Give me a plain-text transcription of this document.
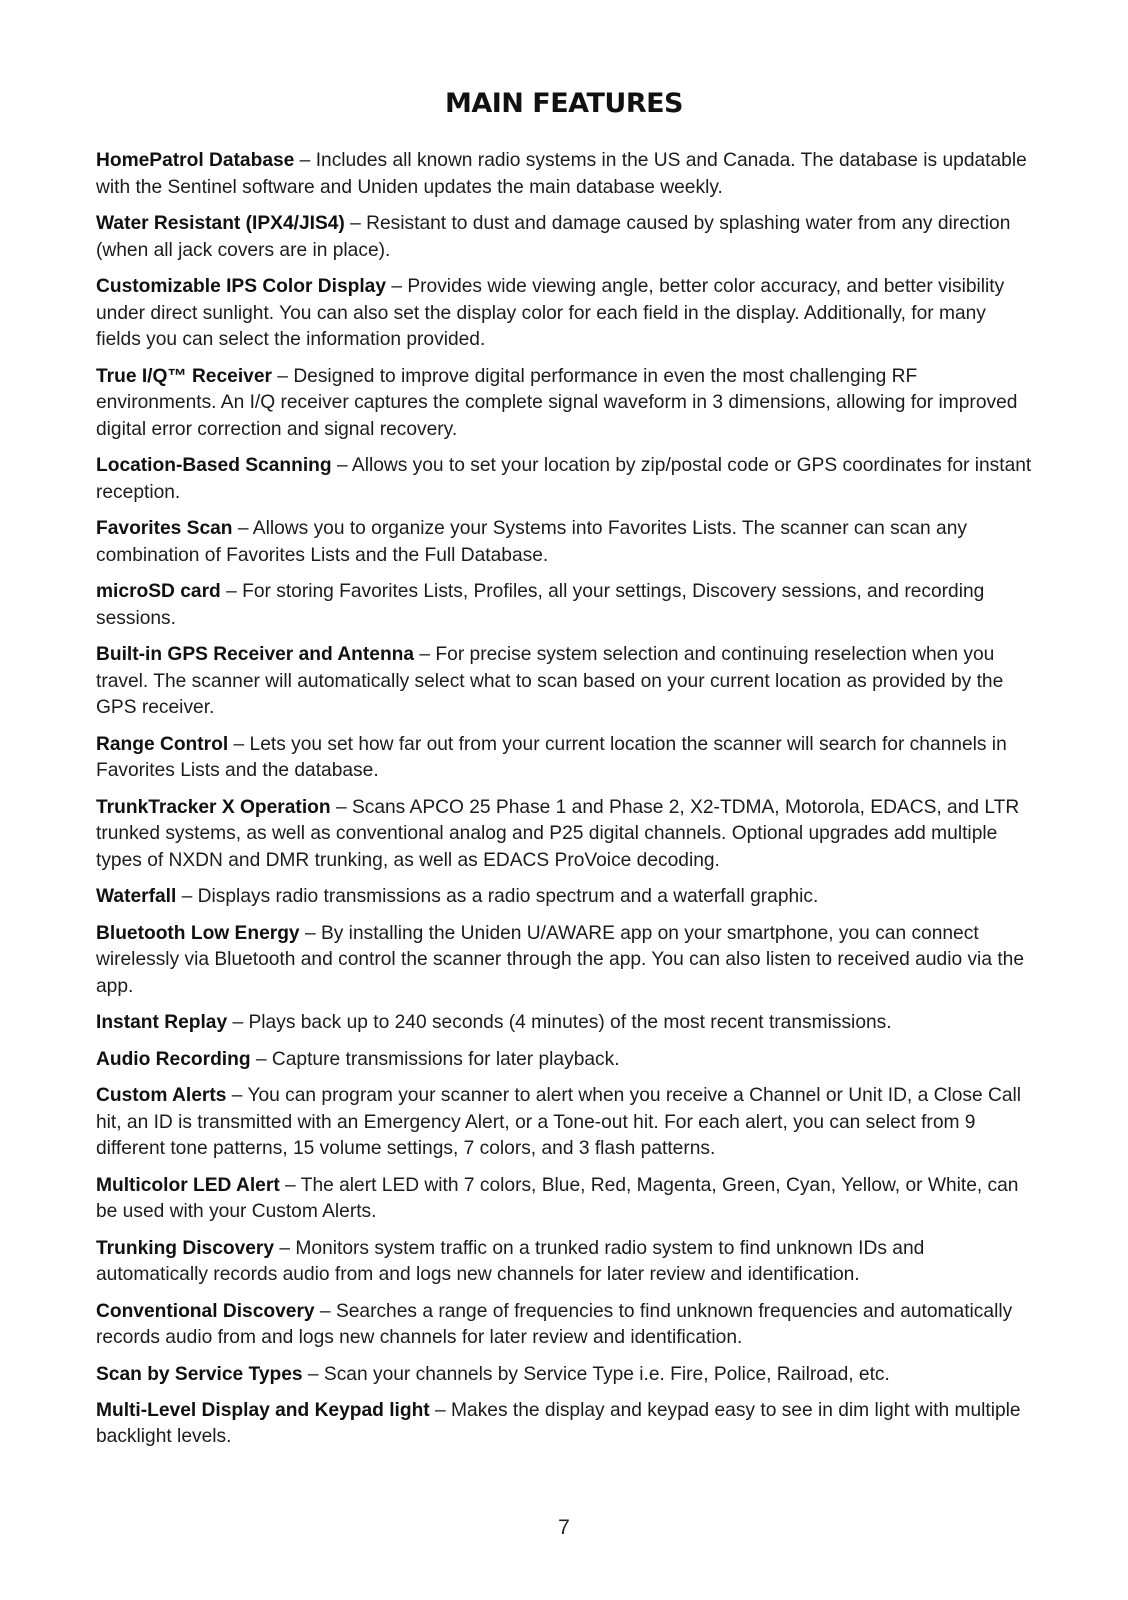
MAIN FEATURES

HomePatrol Database – Includes all known radio systems in the US and Canada. The database is updatable with the Sentinel software and Uniden updates the main database weekly.

Water Resistant (IPX4/JIS4) – Resistant to dust and damage caused by splashing water from any direction (when all jack covers are in place).

Customizable IPS Color Display – Provides wide viewing angle, better color accuracy, and better visibility under direct sunlight. You can also set the display color for each field in the display. Additionally, for many fields you can select the information provided.

True I/Q™ Receiver – Designed to improve digital performance in even the most challenging RF environments. An I/Q receiver captures the complete signal waveform in 3 dimensions, allowing for improved digital error correction and signal recovery.

Location-Based Scanning – Allows you to set your location by zip/postal code or GPS coordinates for instant reception.

Favorites Scan – Allows you to organize your Systems into Favorites Lists. The scanner can scan any combination of Favorites Lists and the Full Database.

microSD card – For storing Favorites Lists, Profiles, all your settings, Discovery sessions, and recording sessions.

Built-in GPS Receiver and Antenna – For precise system selection and continuing reselection when you travel. The scanner will automatically select what to scan based on your current location as provided by the GPS receiver.

Range Control – Lets you set how far out from your current location the scanner will search for channels in Favorites Lists and the database.

TrunkTracker X Operation – Scans APCO 25 Phase 1 and Phase 2, X2-TDMA, Motorola, EDACS, and LTR trunked systems, as well as conventional analog and P25 digital channels. Optional upgrades add multiple types of NXDN and DMR trunking, as well as EDACS ProVoice decoding.

Waterfall – Displays radio transmissions as a radio spectrum and a waterfall graphic.

Bluetooth Low Energy – By installing the Uniden U/AWARE app on your smartphone, you can connect wirelessly via Bluetooth and control the scanner through the app. You can also listen to received audio via the app.

Instant Replay – Plays back up to 240 seconds (4 minutes) of the most recent transmissions.

Audio Recording – Capture transmissions for later playback.

Custom Alerts – You can program your scanner to alert when you receive a Channel or Unit ID, a Close Call hit, an ID is transmitted with an Emergency Alert, or a Tone-out hit. For each alert, you can select from 9 different tone patterns, 15 volume settings, 7 colors, and 3 flash patterns.

Multicolor LED Alert – The alert LED with 7 colors, Blue, Red, Magenta, Green, Cyan, Yellow, or White, can be used with your Custom Alerts.

Trunking Discovery – Monitors system traffic on a trunked radio system to find unknown IDs and automatically records audio from and logs new channels for later review and identification.

Conventional Discovery – Searches a range of frequencies to find unknown frequencies and automatically records audio from and logs new channels for later review and identification.

Scan by Service Types – Scan your channels by Service Type i.e. Fire, Police, Railroad, etc.

Multi-Level Display and Keypad light – Makes the display and keypad easy to see in dim light with multiple backlight levels.

7
